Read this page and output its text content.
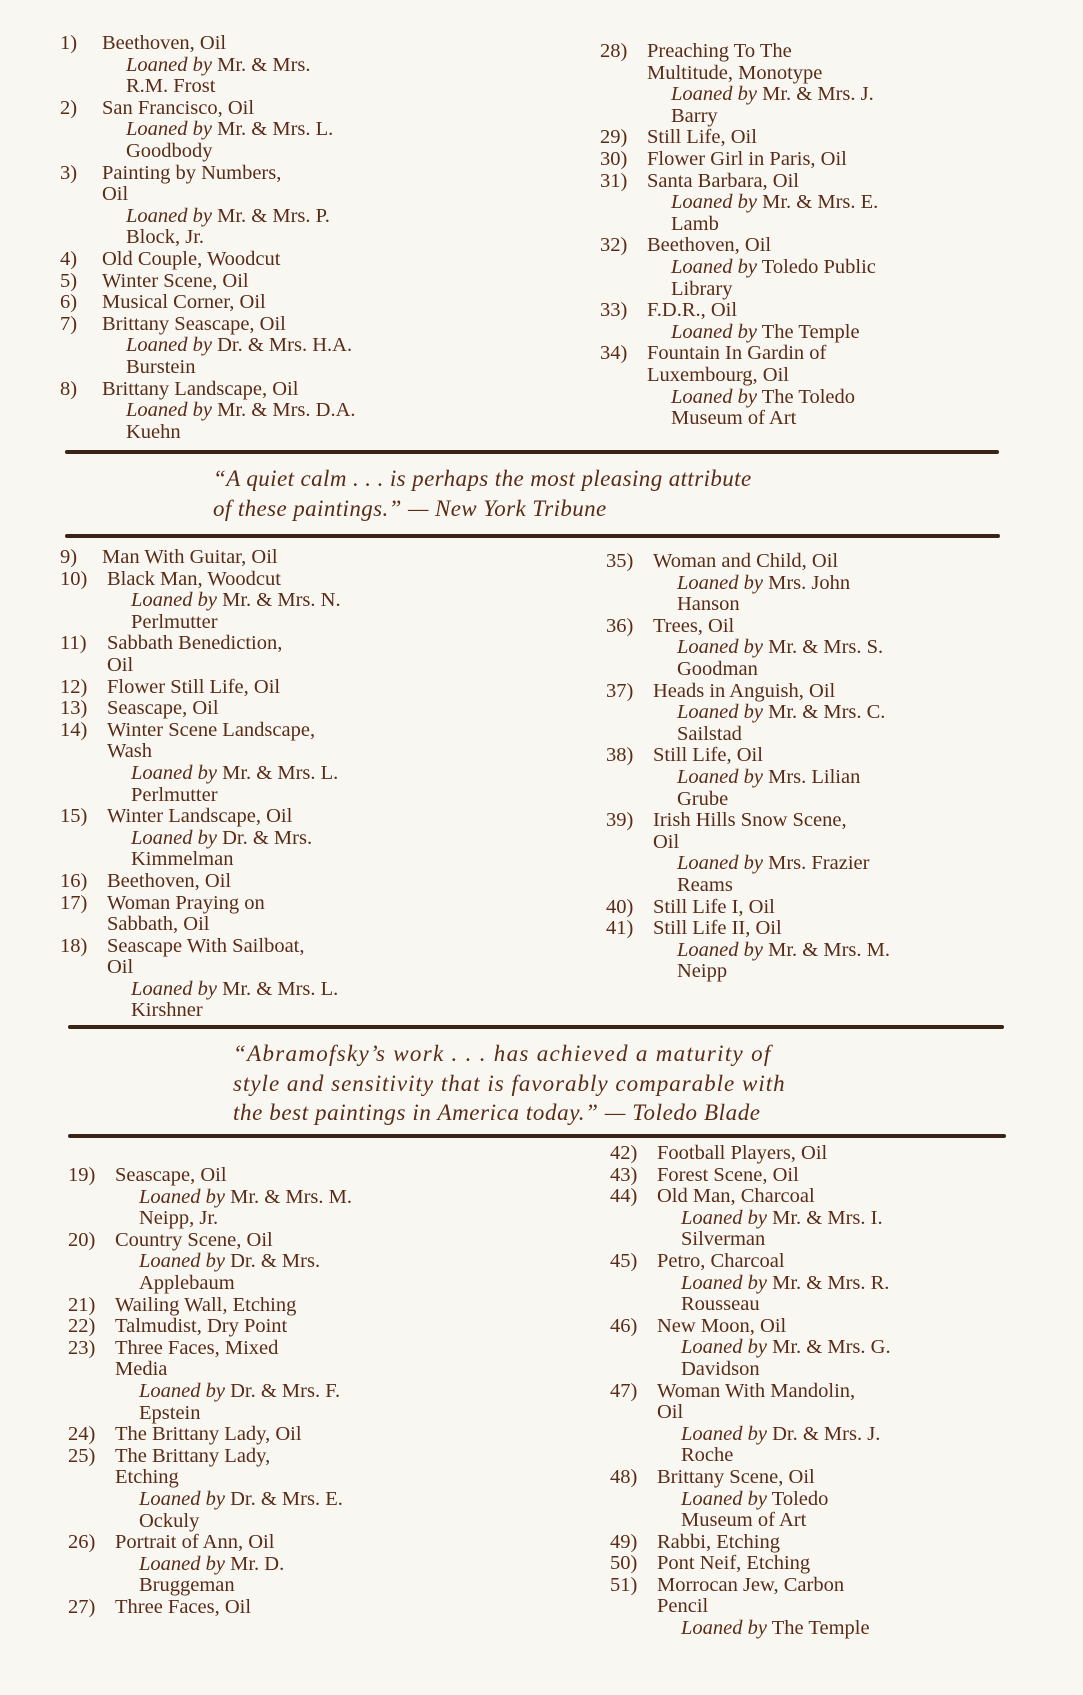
1) Beethoven, Oil
Loaned by Mr. & Mrs.
R.M. Frost
2) San Francisco, Oil
Loaned by Mr. & Mrs. L.
Goodbody
3) Painting by Numbers,
Oil
Loaned by Mr. & Mrs. P.
Block, Jr.
4) Old Couple, Woodcut
5) Winter Scene, Oil
6) Musical Corner, Oil
7) Brittany Seascape, Oil
Loaned by Dr. & Mrs. H.A.
Burstein
8) Brittany Landscape, Oil
Loaned by Mr. & Mrs. D.A.
Kuehn
28) Preaching To The
Multitude, Monotype
Loaned by Mr. & Mrs. J.
Barry
29) Still Life, Oil
30) Flower Girl in Paris, Oil
31) Santa Barbara, Oil
Loaned by Mr. & Mrs. E.
Lamb
32) Beethoven, Oil
Loaned by Toledo Public
Library
33) F.D.R., Oil
Loaned by The Temple
34) Fountain In Gardin of
Luxembourg, Oil
Loaned by The Toledo
Museum of Art
“A quiet calm . . . is perhaps the most pleasing attribute
of these paintings.” — New York Tribune
9) Man With Guitar, Oil
10) Black Man, Woodcut
Loaned by Mr. & Mrs. N.
Perlmutter
11) Sabbath Benediction,
Oil
12) Flower Still Life, Oil
13) Seascape, Oil
14) Winter Scene Landscape,
Wash
Loaned by Mr. & Mrs. L.
Perlmutter
15) Winter Landscape, Oil
Loaned by Dr. & Mrs.
Kimmelman
16) Beethoven, Oil
17) Woman Praying on
Sabbath, Oil
18) Seascape With Sailboat,
Oil
Loaned by Mr. & Mrs. L.
Kirshner
35) Woman and Child, Oil
Loaned by Mrs. John
Hanson
36) Trees, Oil
Loaned by Mr. & Mrs. S.
Goodman
37) Heads in Anguish, Oil
Loaned by Mr. & Mrs. C.
Sailstad
38) Still Life, Oil
Loaned by Mrs. Lilian
Grube
39) Irish Hills Snow Scene,
Oil
Loaned by Mrs. Frazier
Reams
40) Still Life I, Oil
41) Still Life II, Oil
Loaned by Mr. & Mrs. M.
Neipp
“Abramofsky’s work . . . has achieved a maturity of
style and sensitivity that is favorably comparable with
the best paintings in America today.” — Toledo Blade
19) Seascape, Oil
Loaned by Mr. & Mrs. M.
Neipp, Jr.
20) Country Scene, Oil
Loaned by Dr. & Mrs.
Applebaum
21) Wailing Wall, Etching
22) Talmudist, Dry Point
23) Three Faces, Mixed
Media
Loaned by Dr. & Mrs. F.
Epstein
24) The Brittany Lady, Oil
25) The Brittany Lady,
Etching
Loaned by Dr. & Mrs. E.
Ockuly
26) Portrait of Ann, Oil
Loaned by Mr. D.
Bruggeman
27) Three Faces, Oil
42) Football Players, Oil
43) Forest Scene, Oil
44) Old Man, Charcoal
Loaned by Mr. & Mrs. I.
Silverman
45) Petro, Charcoal
Loaned by Mr. & Mrs. R.
Rousseau
46) New Moon, Oil
Loaned by Mr. & Mrs. G.
Davidson
47) Woman With Mandolin,
Oil
Loaned by Dr. & Mrs. J.
Roche
48) Brittany Scene, Oil
Loaned by Toledo
Museum of Art
49) Rabbi, Etching
50) Pont Neif, Etching
51) Morrocan Jew, Carbon
Pencil
Loaned by The Temple
